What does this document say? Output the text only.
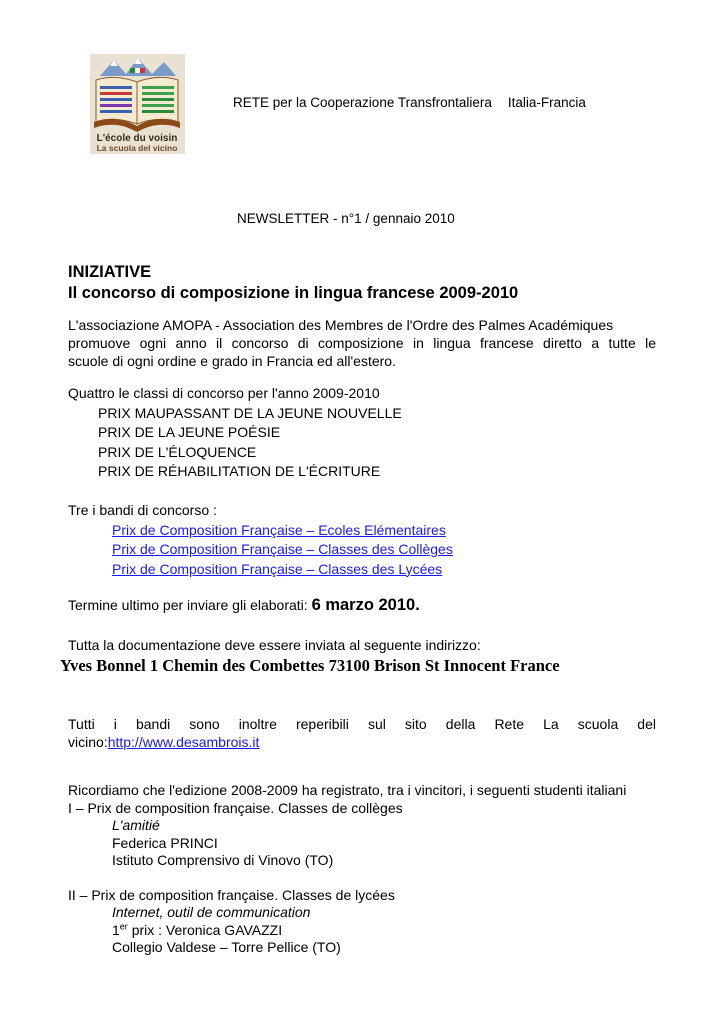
L'école du voisin
La scuola del vicino
RETE per la Cooperazione Transfrontaliera Italia-Francia
NEWSLETTER - n°1 / gennaio 2010
INIZIATIVE
Il concorso di composizione in lingua francese 2009-2010
L'associazione AMOPA - Association des Membres de l'Ordre des Palmes Académiques
promuove ogni anno il concorso di composizione in lingua francese diretto a tutte le
scuole di ogni ordine e grado in Francia ed all'estero.
Quattro le classi di concorso per l'anno 2009-2010
PRIX MAUPASSANT DE LA JEUNE NOUVELLE
PRIX DE LA JEUNE POÉSIE
PRIX DE L'ÉLOQUENCE
PRIX DE RÉHABILITATION DE L'ÉCRITURE
Tre i bandi di concorso :
Prix de Composition Française – Ecoles Elémentaires
Prix de Composition Française – Classes des Collèges
Prix de Composition Française – Classes des Lycées
Termine ultimo per inviare gli elaborati: 6 marzo 2010.
Tutta la documentazione deve essere inviata al seguente indirizzo:
Yves Bonnel 1 Chemin des Combettes 73100 Brison St Innocent France
Tutti i bandi sono inoltre reperibili sul sito della Rete La scuola del
vicino:http://www.desambrois.it
Ricordiamo che l'edizione 2008-2009 ha registrato, tra i vincitori, i seguenti studenti italiani
I – Prix de composition française. Classes de collèges
L'amitié
Federica PRINCI
Istituto Comprensivo di Vinovo (TO)
II – Prix de composition française. Classes de lycées
Internet, outil de communication
1er prix : Veronica GAVAZZI
Collegio Valdese – Torre Pellice (TO)
